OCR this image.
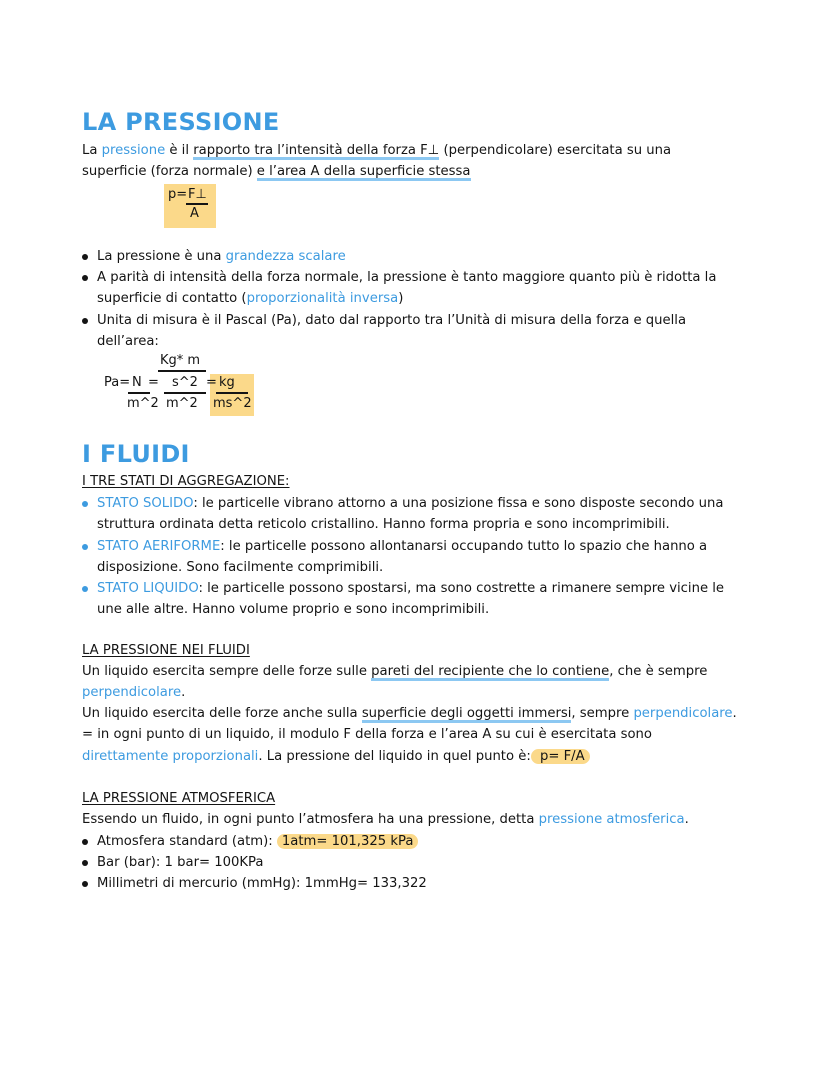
LA PRESSIONE
La pressione è il rapporto tra l’intensità della forza F⊥ (perpendicolare) esercitata su una
superficie (forza normale) e l’area A della superficie stessa
p= F⊥
A
La pressione è una grandezza scalare
A parità di intensità della forza normale, la pressione è tanto maggiore quanto più è ridotta la
superficie di contatto (proporzionalità inversa)
Unita di misura è il Pascal (Pa), dato dal rapporto tra l’Unità di misura della forza e quella
dell’area:
Kg* m
Pa= N = s^2 = kg
m^2 m^2 ms^2
I FLUIDI
I TRE STATI DI AGGREGAZIONE:
STATO SOLIDO: le particelle vibrano attorno a una posizione fissa e sono disposte secondo una
struttura ordinata detta reticolo cristallino. Hanno forma propria e sono incomprimibili.
STATO AERIFORME: le particelle possono allontanarsi occupando tutto lo spazio che hanno a
disposizione. Sono facilmente comprimibili.
STATO LIQUIDO: le particelle possono spostarsi, ma sono costrette a rimanere sempre vicine le
une alle altre. Hanno volume proprio e sono incomprimibili.
LA PRESSIONE NEI FLUIDI
Un liquido esercita sempre delle forze sulle pareti del recipiente che lo contiene, che è sempre
perpendicolare.
Un liquido esercita delle forze anche sulla superficie degli oggetti immersi, sempre perpendicolare.
= in ogni punto di un liquido, il modulo F della forza e l’area A su cui è esercitata sono
direttamente proporzionali. La pressione del liquido in quel punto è: p= F/A
LA PRESSIONE ATMOSFERICA
Essendo un fluido, in ogni punto l’atmosfera ha una pressione, detta pressione atmosferica.
Atmosfera standard (atm): 1atm= 101,325 kPa
Bar (bar): 1 bar= 100KPa
Millimetri di mercurio (mmHg): 1mmHg= 133,322
